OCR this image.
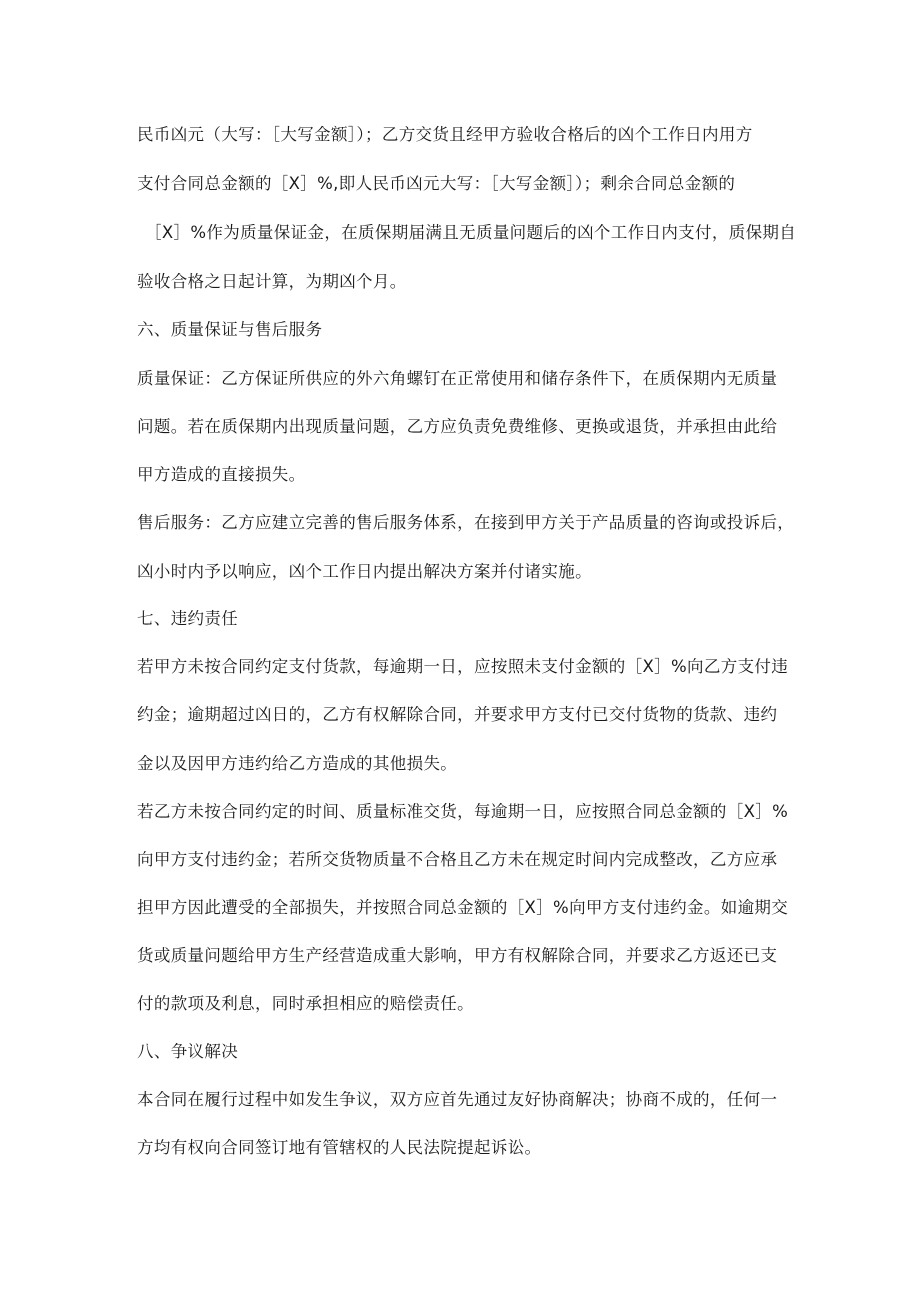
民币凶元（大写：［大写金额］）；乙方交货且经甲方验收合格后的凶个工作日内用方
支付合同总金额的［X］%,即人民币凶元大写：［大写金额］）；剩余合同总金额的
［X］%作为质量保证金，在质保期届满且无质量问题后的凶个工作日内支付，质保期自
验收合格之日起计算，为期凶个月。
六、质量保证与售后服务
质量保证：乙方保证所供应的外六角螺钉在正常使用和储存条件下，在质保期内无质量
问题。若在质保期内出现质量问题，乙方应负责免费维修、更换或退货，并承担由此给
甲方造成的直接损失。
售后服务：乙方应建立完善的售后服务体系，在接到甲方关于产品质量的咨询或投诉后，
凶小时内予以响应，凶个工作日内提出解决方案并付诸实施。
七、违约责任
若甲方未按合同约定支付货款，每逾期一日，应按照未支付金额的［X］%向乙方支付违
约金；逾期超过凶日的，乙方有权解除合同，并要求甲方支付已交付货物的货款、违约
金以及因甲方违约给乙方造成的其他损失。
若乙方未按合同约定的时间、质量标准交货，每逾期一日，应按照合同总金额的［X］%
向甲方支付违约金；若所交货物质量不合格且乙方未在规定时间内完成整改，乙方应承
担甲方因此遭受的全部损失，并按照合同总金额的［X］%向甲方支付违约金。如逾期交
货或质量问题给甲方生产经营造成重大影响，甲方有权解除合同，并要求乙方返还已支
付的款项及利息，同时承担相应的赔偿责任。
八、争议解决
本合同在履行过程中如发生争议，双方应首先通过友好协商解决；协商不成的，任何一
方均有权向合同签订地有管辖权的人民法院提起诉讼。
